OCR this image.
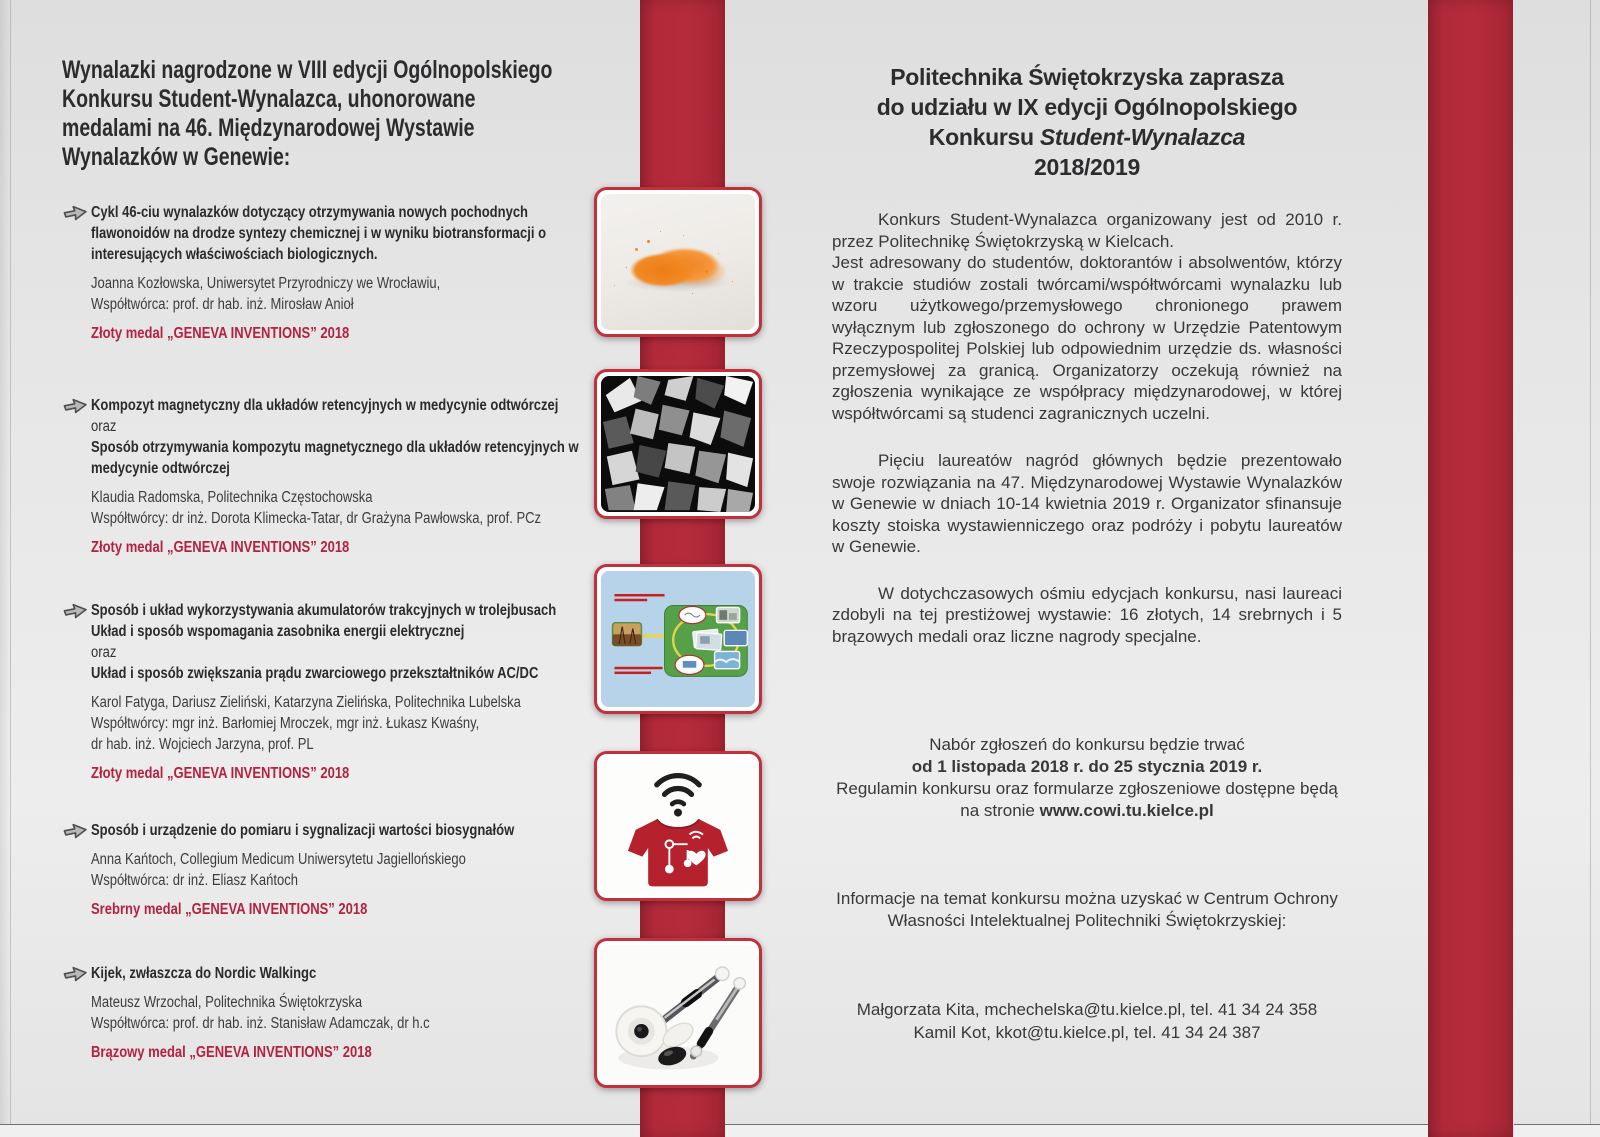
Wynalazki nagrodzone w VIII edycji Ogólnopolskiego
Konkursu Student-Wynalazca, uhonorowane
medalami na 46. Międzynarodowej Wystawie
Wynalazków w Genewie:

Cykl 46-ciu wynalazków dotyczący otrzymywania nowych pochodnych flawonoidów na drodze syntezy chemicznej i w wyniku biotransformacji o interesujących właściwościach biologicznych.

Joanna Kozłowska, Uniwersytet Przyrodniczy we Wrocławiu,

Współtwórca: prof. dr hab. inż. Mirosław Anioł

Złoty medal „GENEVA INVENTIONS” 2018

Kompozyt magnetyczny dla układów retencyjnych w medycynie odtwórczej

oraz

Sposób otrzymywania kompozytu magnetycznego dla układów retencyjnych w medycynie odtwórczej

Klaudia Radomska, Politechnika Częstochowska

Współtwórcy: dr inż. Dorota Klimecka-Tatar, dr Grażyna Pawłowska, prof. PCz

Złoty medal „GENEVA INVENTIONS” 2018

Sposób i układ wykorzystywania akumulatorów trakcyjnych w trolejbusach

Układ i sposób wspomagania zasobnika energii elektrycznej

oraz

Układ i sposób zwiększania prądu zwarciowego przekształtników AC/DC

Karol Fatyga, Dariusz Zieliński, Katarzyna Zielińska, Politechnika Lubelska

Współtwórcy: mgr inż. Barłomiej Mroczek, mgr inż. Łukasz Kwaśny,

dr hab. inż. Wojciech Jarzyna, prof. PL

Złoty medal „GENEVA INVENTIONS” 2018

Sposób i urządzenie do pomiaru i sygnalizacji wartości biosygnałów

Anna Kańtoch, Collegium Medicum Uniwersytetu Jagiellońskiego

Współtwórca: dr inż. Eliasz Kańtoch

Srebrny medal „GENEVA INVENTIONS” 2018

Kijek, zwłaszcza do Nordic Walkingc

Mateusz Wrzochal, Politechnika Świętokrzyska

Współtwórca: prof. dr hab. inż. Stanisław Adamczak, dr h.c

Brązowy medal „GENEVA INVENTIONS” 2018

Politechnika Świętokrzyska zaprasza
do udziału w IX edycji Ogólnopolskiego
Konkursu Student-Wynalazca
2018/2019

Konkurs Student-Wynalazca organizowany jest od 2010 r. przez Politechnikę Świętokrzyską w Kielcach.

Jest adresowany do studentów, doktorantów i absolwentów, którzy w trakcie studiów zostali twórcami/współtwórcami wynalazku lub wzoru użytkowego/przemysłowego chronionego prawem wyłącznym lub zgłoszonego do ochrony w Urzędzie Patentowym Rzeczypospolitej Polskiej lub odpowiednim urzędzie ds. własności przemysłowej za granicą. Organizatorzy oczekują również na zgłoszenia wynikające ze współpracy międzynarodowej, w której współtwórcami są studenci zagranicznych uczelni.

Pięciu laureatów nagród głównych będzie prezentowało swoje rozwiązania na 47. Międzynarodowej Wystawie Wynalazków w Genewie w dniach 10-14 kwietnia 2019 r. Organizator sfinansuje koszty stoiska wystawienniczego oraz podróży i pobytu laureatów w Genewie.

W dotychczasowych ośmiu edycjach konkursu, nasi laureaci zdobyli na tej prestiżowej wystawie: 16 złotych, 14 srebrnych i 5 brązowych medali oraz liczne nagrody specjalne.

Nabór zgłoszeń do konkursu będzie trwać
od 1 listopada 2018 r. do 25 stycznia 2019 r.
Regulamin konkursu oraz formularze zgłoszeniowe dostępne będą
na stronie www.cowi.tu.kielce.pl
Informacje na temat konkursu można uzyskać w Centrum Ochrony Własności Intelektualnej Politechniki Świętokrzyskiej:
Małgorzata Kita, mchechelska@tu.kielce.pl, tel. 41 34 24 358
Kamil Kot, kkot@tu.kielce.pl, tel. 41 34 24 387
